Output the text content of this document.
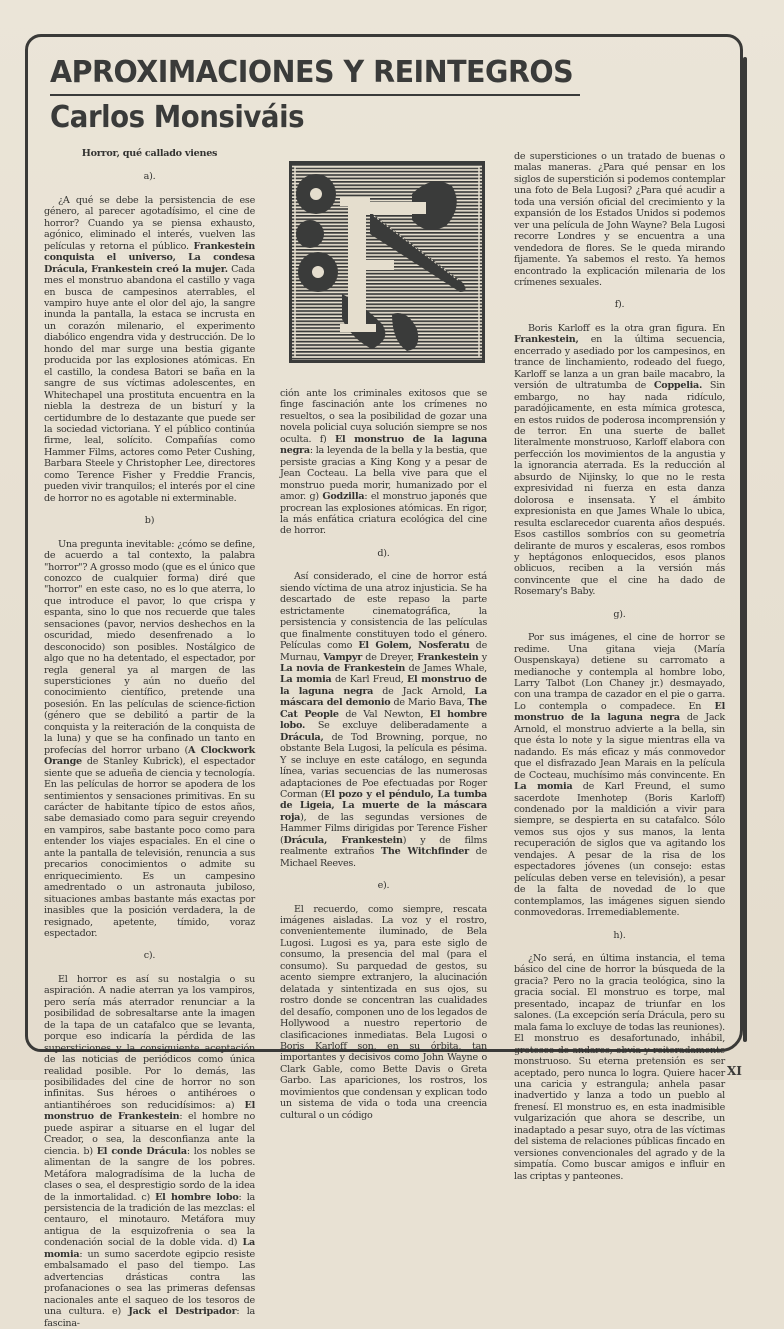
APROXIMACIONES Y REINTEGROS
Carlos Monsiváis

Horror, qué callado vienes

a).

¿A qué se debe la persistencia de ese género, al parecer agotadísimo, el cine de horror? Cuando ya se piensa exhausto, agónico, eliminado el interés, vuelven las películas y retorna el público. Frankestein conquista el universo, La condesa Drácula, Frankestein creó la mujer. Cada mes el monstruo abandona el castillo y vaga en busca de campesinos aterrables, el vampiro huye ante el olor del ajo, la sangre inunda la pantalla, la estaca se incrusta en un corazón milenario, el experimento diabólico engendra vida y destrucción. De lo hondo del mar surge una bestia gigante producida por las explosiones atómicas. En el castillo, la condesa Batori se baña en la sangre de sus víctimas adolescentes, en Whitechapel una prostituta encuentra en la niebla la destreza de un bisturí y la certidumbre de lo destazante que puede ser la sociedad victoriana. Y el público continúa firme, leal, solícito. Compañías como Hammer Films, actores como Peter Cushing, Barbara Steele y Christopher Lee, directores como Terence Fisher y Freddie Francis, pueden vivir tranquilos; el interés por el cine de horror no es agotable ni exterminable.

b)

Una pregunta inevitable: ¿cómo se define, de acuerdo a tal contexto, la palabra "horror"? A grosso modo (que es el único que conozco de cualquier forma) diré que "horror" en este caso, no es lo que aterra, lo que introduce el pavor, lo que crispa y espanta, sino lo que nos recuerde que tales sensaciones (pavor, nervios deshechos en la oscuridad, miedo desenfrenado a lo desconocido) son posibles. Nostálgico de algo que no ha detentado, el espectador, por regla general ya al margen de las supersticiones y aún no dueño del conocimiento científico, pretende una posesión. En las películas de science-fiction (género que se debilitó a partir de la conquista y la reiteración de la conquista de la luna) y que se ha confinado un tanto en profecías del horror urbano (A Clockwork Orange de Stanley Kubrick), el espectador siente que se adueña de ciencia y tecnología. En las películas de horror se apodera de los sentimientos y sensaciones primitivas. En su carácter de habitante típico de estos años, sabe demasiado como para seguir creyendo en vampiros, sabe bastante poco como para entender los viajes espaciales. En el cine o ante la pantalla de televisión, renuncia a sus precarios conocimientos o admite su enriquecimiento. Es un campesino amedrentado o un astronauta jubiloso, situaciones ambas bastante más exactas por inasibles que la posición verdadera, la de resignado, apetente, tímido, voraz espectador.

c).

El horror es así su nostalgia o su aspiración. A nadie aterran ya los vampiros, pero sería más aterrador renunciar a la posibilidad de sobresaltarse ante la imagen de la tapa de un catafalco que se levanta, porque eso indicaría la pérdida de las supersticiones y la consiguiente aceptación de las noticias de periódicos como única realidad posible. Por lo demás, las posibilidades del cine de horror no son infinitas. Sus héroes o antihéroes o antiantihéroes son reducidísimos: a) El monstruo de Frankestein: el hombre no puede aspirar a situarse en el lugar del Creador, o sea, la desconfianza ante la ciencia. b) El conde Drácula: los nobles se alimentan de la sangre de los pobres. Metáfora malogradísima de la lucha de clases o sea, el desprestigio sordo de la idea de la inmortalidad. c) El hombre lobo: la persistencia de la tradición de las mezclas: el centauro, el minotauro. Metáfora muy antigua de la esquizofrenia o sea la condenación social de la doble vida. d) La momia: un sumo sacerdote egipcio resiste embalsamado el paso del tiempo. Las advertencias drásticas contra las profanaciones o sea las primeras defensas nacionales ante el saqueo de los tesoros de una cultura. e) Jack el Destripador: la fascina-

ción ante los criminales exitosos que se finge fascinación ante los crímenes no resueltos, o sea la posibilidad de gozar una novela policial cuya solución siempre se nos oculta. f) El monstruo de la laguna negra: la leyenda de la bella y la bestia, que persiste gracias a King Kong y a pesar de Jean Cocteau. La bella vive para que el monstruo pueda morir, humanizado por el amor. g) Godzilla: el monstruo japonés que procrean las explosiones atómicas. En rigor, la más enfática criatura ecológica del cine de horror.

d).

Así considerado, el cine de horror está siendo víctima de una atroz injusticia. Se ha descartado de este repaso la parte estrictamente cinematográfica, la persistencia y consistencia de las películas que finalmente constituyen todo el género. Películas como El Golem, Nosferatu de Murnau, Vampyr de Dreyer, Frankestein y La novia de Frankestein de James Whale, La momia de Karl Freud, El monstruo de la laguna negra de Jack Arnold, La máscara del demonio de Mario Bava, The Cat People de Val Newton, El hombre lobo. Se excluye deliberadamente a Drácula, de Tod Browning, porque, no obstante Bela Lugosi, la película es pésima. Y se incluye en este catálogo, en segunda línea, varias secuencias de las numerosas adaptaciones de Poe efectuadas por Roger Corman (El pozo y el péndulo, La tumba de Ligeia, La muerte de la máscara roja), de las segundas versiones de Hammer Films dirigidas por Terence Fisher (Drácula, Frankestein) y de films realmente extraños The Witchfinder de Michael Reeves.

e).

El recuerdo, como siempre, rescata imágenes aisladas. La voz y el rostro, convenientemente iluminado, de Bela Lugosi. Lugosi es ya, para este siglo de consumo, la presencia del mal (para el consumo). Su parquedad de gestos, su acento siempre extranjero, la alucinación delatada y sintentizada en sus ojos, su rostro donde se concentran las cualidades del desafío, componen uno de los legados de Hollywood a nuestro repertorio de clasificaciones inmediatas. Bela Lugosi o Boris Karloff son, en su órbita, tan importantes y decisivos como John Wayne o Clark Gable, como Bette Davis o Greta Garbo. Las apariciones, los rostros, los movimientos que condensan y explican todo un sistema de vida o toda una creencia cultural o un código

de supersticiones o un tratado de buenas o malas maneras. ¿Para qué pensar en los siglos de superstición si podemos contemplar una foto de Bela Lugosi? ¿Para qué acudir a toda una versión oficial del crecimiento y la expansión de los Estados Unidos si podemos ver una película de John Wayne? Bela Lugosi recorre Londres y se encuentra a una vendedora de flores. Se le queda mirando fijamente. Ya sabemos el resto. Ya hemos encontrado la explicación milenaria de los crímenes sexuales.

f).

Boris Karloff es la otra gran figura. En Frankestein, en la última secuencia, encerrado y asediado por los campesinos, en trance de linchamiento, rodeado del fuego, Karloff se lanza a un gran baile macabro, la versión de ultratumba de Coppelia. Sin embargo, no hay nada ridículo, paradójicamente, en esta mímica grotesca, en estos ruidos de poderosa incomprensión y de terror. En una suerte de ballet literalmente monstruoso, Karloff elabora con perfección los movimientos de la angustia y la ignorancia aterrada. Es la reducción al absurdo de Nijinsky, lo que no le resta expresividad ni fuerza en esta danza dolorosa e insensata. Y el ámbito expresionista en que James Whale lo ubica, resulta esclarecedor cuarenta años después. Esos castillos sombríos con su geometría delirante de muros y escaleras, esos rombos y heptágonos enloquecidos, esos planos oblicuos, reciben a la versión más convincente que el cine ha dado de Rosemary's Baby.

g).

Por sus imágenes, el cine de horror se redime. Una gitana vieja (María Ouspenskaya) detiene su carromato a medianoche y contempla al hombre lobo, Larry Talbot (Lon Chaney jr.) desmayado, con una trampa de cazador en el pie o garra. Lo contempla o compadece. En El monstruo de la laguna negra de Jack Arnold, el monstruo advierte a la bella, sin que ésta lo note y la sigue mientras ella va nadando. Es más eficaz y más conmovedor que el disfrazado Jean Marais en la película de Cocteau, muchísimo más convincente. En La momia de Karl Freund, el sumo sacerdote Imenhotep (Boris Karloff) condenado por la maldición a vivir para siempre, se despierta en su catafalco. Sólo vemos sus ojos y sus manos, la lenta recuperación de siglos que va agitando los vendajes. A pesar de la risa de los espectadores jóvenes (un consejo: estas películas deben verse en televisión), a pesar de la falta de novedad de lo que contemplamos, las imágenes siguen siendo conmovedoras. Irremediablemente.

h).

¿No será, en última instancia, el tema básico del cine de horror la búsqueda de la gracia? Pero no la gracia teológica, sino la gracia social. El monstruo es torpe, mal presentado, incapaz de triunfar en los salones. (La excepción sería Drácula, pero su mala fama lo excluye de todas las reuniones). El monstruo es desafortunado, inhábil, grotesco de andares, obvia y reiteradamente monstruoso. Su eterna pretensión es ser aceptado, pero nunca lo logra. Quiere hacer una caricia y estrangula; anhela pasar inadvertido y lanza a todo un pueblo al frenesí. El monstruo es, en esta inadmisible vulgarización que ahora se describe, un inadaptado a pesar suyo, otra de las víctimas del sistema de relaciones públicas fincado en versiones convencionales del agrado y de la simpatía. Como buscar amigos e influir en las criptas y panteones.

XI
